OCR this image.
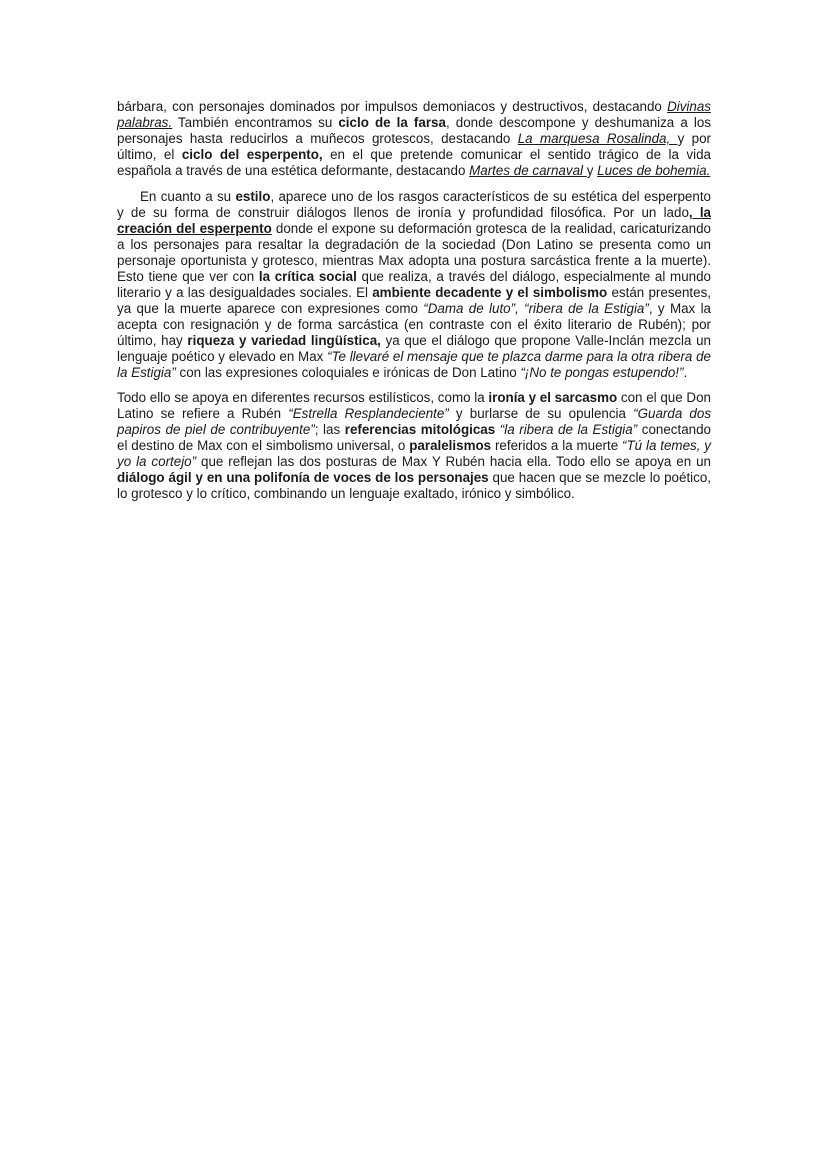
bárbara, con personajes dominados por impulsos demoniacos y destructivos, destacando Divinas palabras. También encontramos su ciclo de la farsa, donde descompone y deshumaniza a los personajes hasta reducirlos a muñecos grotescos, destacando La marquesa Rosalinda, y por último, el ciclo del esperpento, en el que pretende comunicar el sentido trágico de la vida española a través de una estética deformante, destacando Martes de carnaval y Luces de bohemia.

En cuanto a su estilo, aparece uno de los rasgos característicos de su estética del esperpento y de su forma de construir diálogos llenos de ironía y profundidad filosófica. Por un lado, la creación del esperpento donde el expone su deformación grotesca de la realidad, caricaturizando a los personajes para resaltar la degradación de la sociedad (Don Latino se presenta como un personaje oportunista y grotesco, mientras Max adopta una postura sarcástica frente a la muerte). Esto tiene que ver con la crítica social que realiza, a través del diálogo, especialmente al mundo literario y a las desigualdades sociales. El ambiente decadente y el simbolismo están presentes, ya que la muerte aparece con expresiones como “Dama de luto”, “ribera de la Estigia”, y Max la acepta con resignación y de forma sarcástica (en contraste con el éxito literario de Rubén); por último, hay riqueza y variedad lingüística, ya que el diálogo que propone Valle-Inclán mezcla un lenguaje poético y elevado en Max “Te llevaré el mensaje que te plazca darme para la otra ribera de la Estigia” con las expresiones coloquiales e irónicas de Don Latino “¡No te pongas estupendo!”.

Todo ello se apoya en diferentes recursos estilísticos, como la ironía y el sarcasmo con el que Don Latino se refiere a Rubén “Estrella Resplandeciente” y burlarse de su opulencia “Guarda dos papiros de piel de contribuyente”; las referencias mitológicas “la ribera de la Estigia” conectando el destino de Max con el simbolismo universal, o paralelismos referidos a la muerte “Tú la temes, y yo la cortejo” que reflejan las dos posturas de Max Y Rubén hacia ella. Todo ello se apoya en un diálogo ágil y en una polifonía de voces de los personajes que hacen que se mezcle lo poético, lo grotesco y lo crítico, combinando un lenguaje exaltado, irónico y simbólico.
